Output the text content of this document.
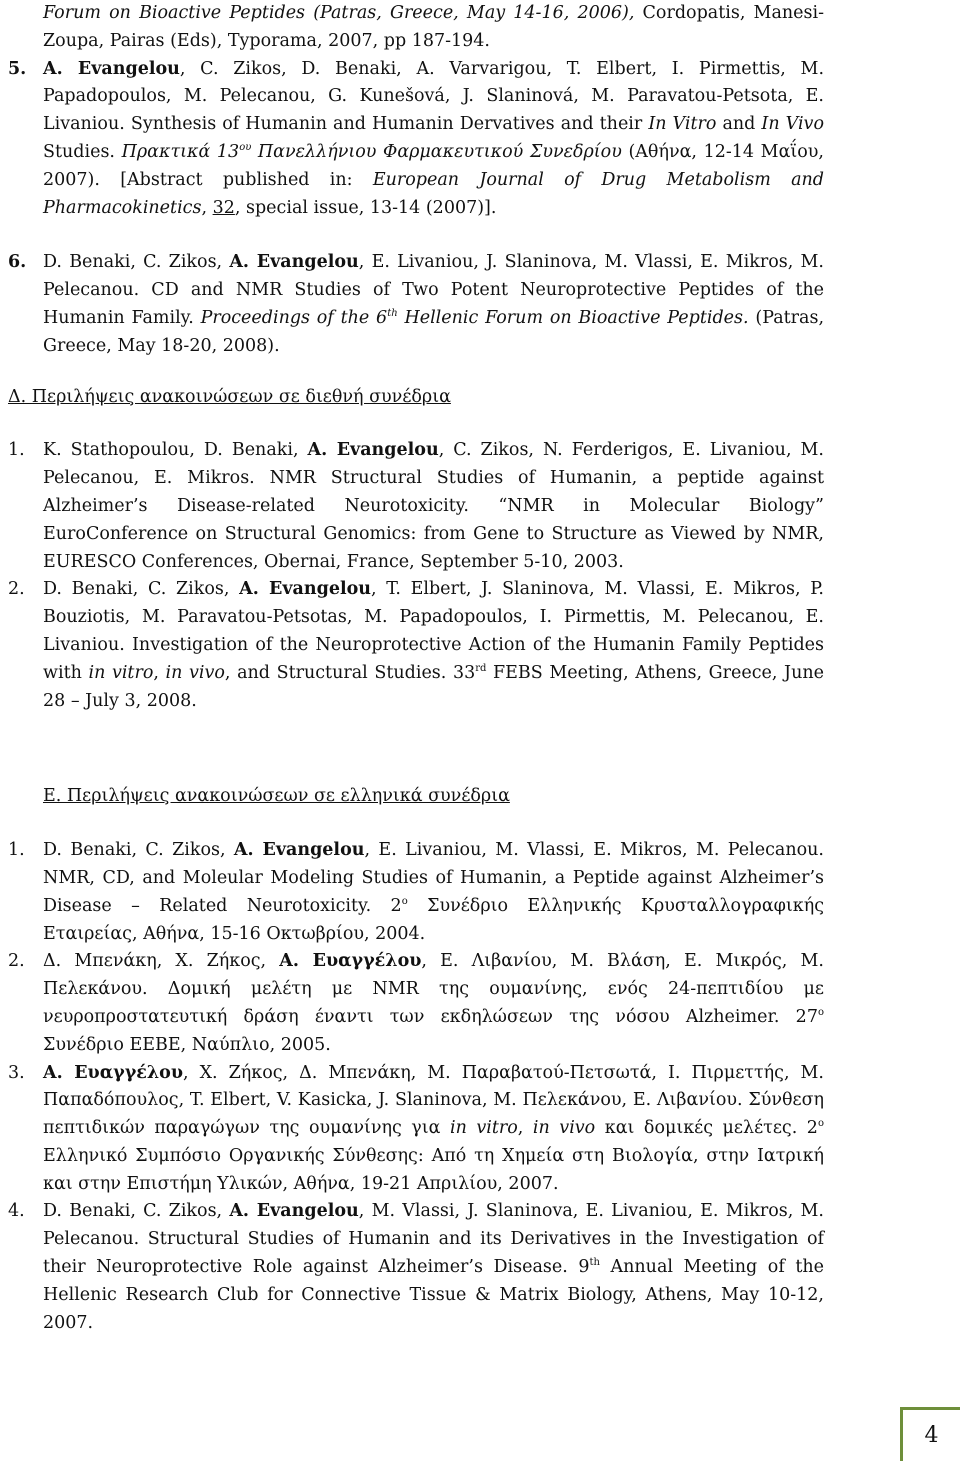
Forum on Bioactive Peptides (Patras, Greece, May 14-16, 2006), Cordopatis, Manesi-Zoupa, Pairas (Eds), Typorama, 2007, pp 187-194.
5. A. Evangelou, C. Zikos, D. Benaki, A. Varvarigou, T. Elbert, I. Pirmettis, M. Papadopoulos, M. Pelecanou, G. Kunešová, J. Slaninová, M. Paravatou-Petsota, E. Livaniou. Synthesis of Humanin and Humanin Dervatives and their In Vitro and In Vivo Studies. Πρακτικά $13^{o\upsilon}$ Πανελλήνιου Φαρμακευτικού Συνεδρίου (Αθήνα, 12-14 Μαΐου, 2007). [Abstract published in: European Journal of Drug Metabolism and Pharmacokinetics, 32, special issue, 13-14 (2007)].
6. D. Benaki, C. Zikos, A. Evangelou, E. Livaniou, J. Slaninova, M. Vlassi, E. Mikros, M. Pelecanou. CD and NMR Studies of Two Potent Neuroprotective Peptides of the Humanin Family. Proceedings of the 6th Hellenic Forum on Bioactive Peptides. (Patras, Greece, May 18-20, 2008).
Δ. Περιλήψεις ανακοινώσεων σε διεθνή συνέδρια
1.	K. Stathopoulou, D. Benaki, A. Evangelou, C. Zikos, N. Ferderigos, E. Livaniou, M. Pelecanou, E. Mikros. NMR Structural Studies of Humanin, a peptide against Alzheimer’s Disease-related Neurotoxicity. “NMR in Molecular Biology” EuroConference on Structural Genomics: from Gene to Structure as Viewed by NMR, EURESCO Conferences, Obernai, France, September 5-10, 2003.
2.	D. Benaki, C. Zikos, A. Evangelou, T. Elbert, J. Slaninova, M. Vlassi, E. Mikros, P. Bouziotis, M. Paravatou-Petsotas, M. Papadopoulos, I. Pirmettis, M. Pelecanou, E. Livaniou. Investigation of the Neuroprotective Action of the Humanin Family Peptides with in vitro, in vivo, and Structural Studies. 33rd FEBS Meeting, Athens, Greece, June 28 – July 3, 2008.
Ε. Περιλήψεις ανακοινώσεων σε ελληνικά συνέδρια
1.	D. Benaki, C. Zikos, A. Evangelou, E. Livaniou, M. Vlassi, E. Mikros, M. Pelecanou. NMR, CD, and Moleular Modeling Studies of Humanin, a Peptide against Alzheimer’s Disease – Related Neurotoxicity. $2^o$ Συνέδριο Ελληνικής Κρυσταλλογραφικής Εταιρείας, Αθήνα, 15-16 Οκτωβρίου, 2004.
2.	Δ. Μπενάκη, Χ. Ζήκος, Α. Ευαγγέλου, Ε. Λιβανίου, Μ. Βλάση, Ε. Μικρός, Μ. Πελεκάνου. Δομική μελέτη με NMR της ουμανίνης, ενός 24-πεπτιδίου με νευροπροστατευτική δράση έναντι των εκδηλώσεων της νόσου Alzheimer. $27^o$ Συνέδριο ΕΕΒΕ, Ναύπλιο, 2005.
3.	Α. Ευαγγέλου, Χ. Ζήκος, Δ. Μπενάκη, Μ. Παραβατού-Πετσωτά, Ι. Πιρμεττής, Μ. Παπαδόπουλος, T. Elbert, V. Kasicka, J. Slaninova, Μ. Πελεκάνου, Ε. Λιβανίου. Σύνθεση πεπτιδικών παραγώγων της ουμανίνης για in vitro, in vivo και δομικές μελέτες. $2^o$ Ελληνικό Συμπόσιο Οργανικής Σύνθεσης: Από τη Χημεία στη Βιολογία, στην Ιατρική και στην Επιστήμη Υλικών, Αθήνα, 19-21 Απριλίου, 2007.
4.	D. Benaki, C. Zikos, A. Evangelou, M. Vlassi, J. Slaninova, E. Livaniou, E. Mikros, M. Pelecanou. Structural Studies of Humanin and its Derivatives in the Investigation of their Neuroprotective Role against Alzheimer’s Disease. 9th Annual Meeting of the Hellenic Research Club for Connective Tissue & Matrix Biology, Athens, May 10-12, 2007.
4
